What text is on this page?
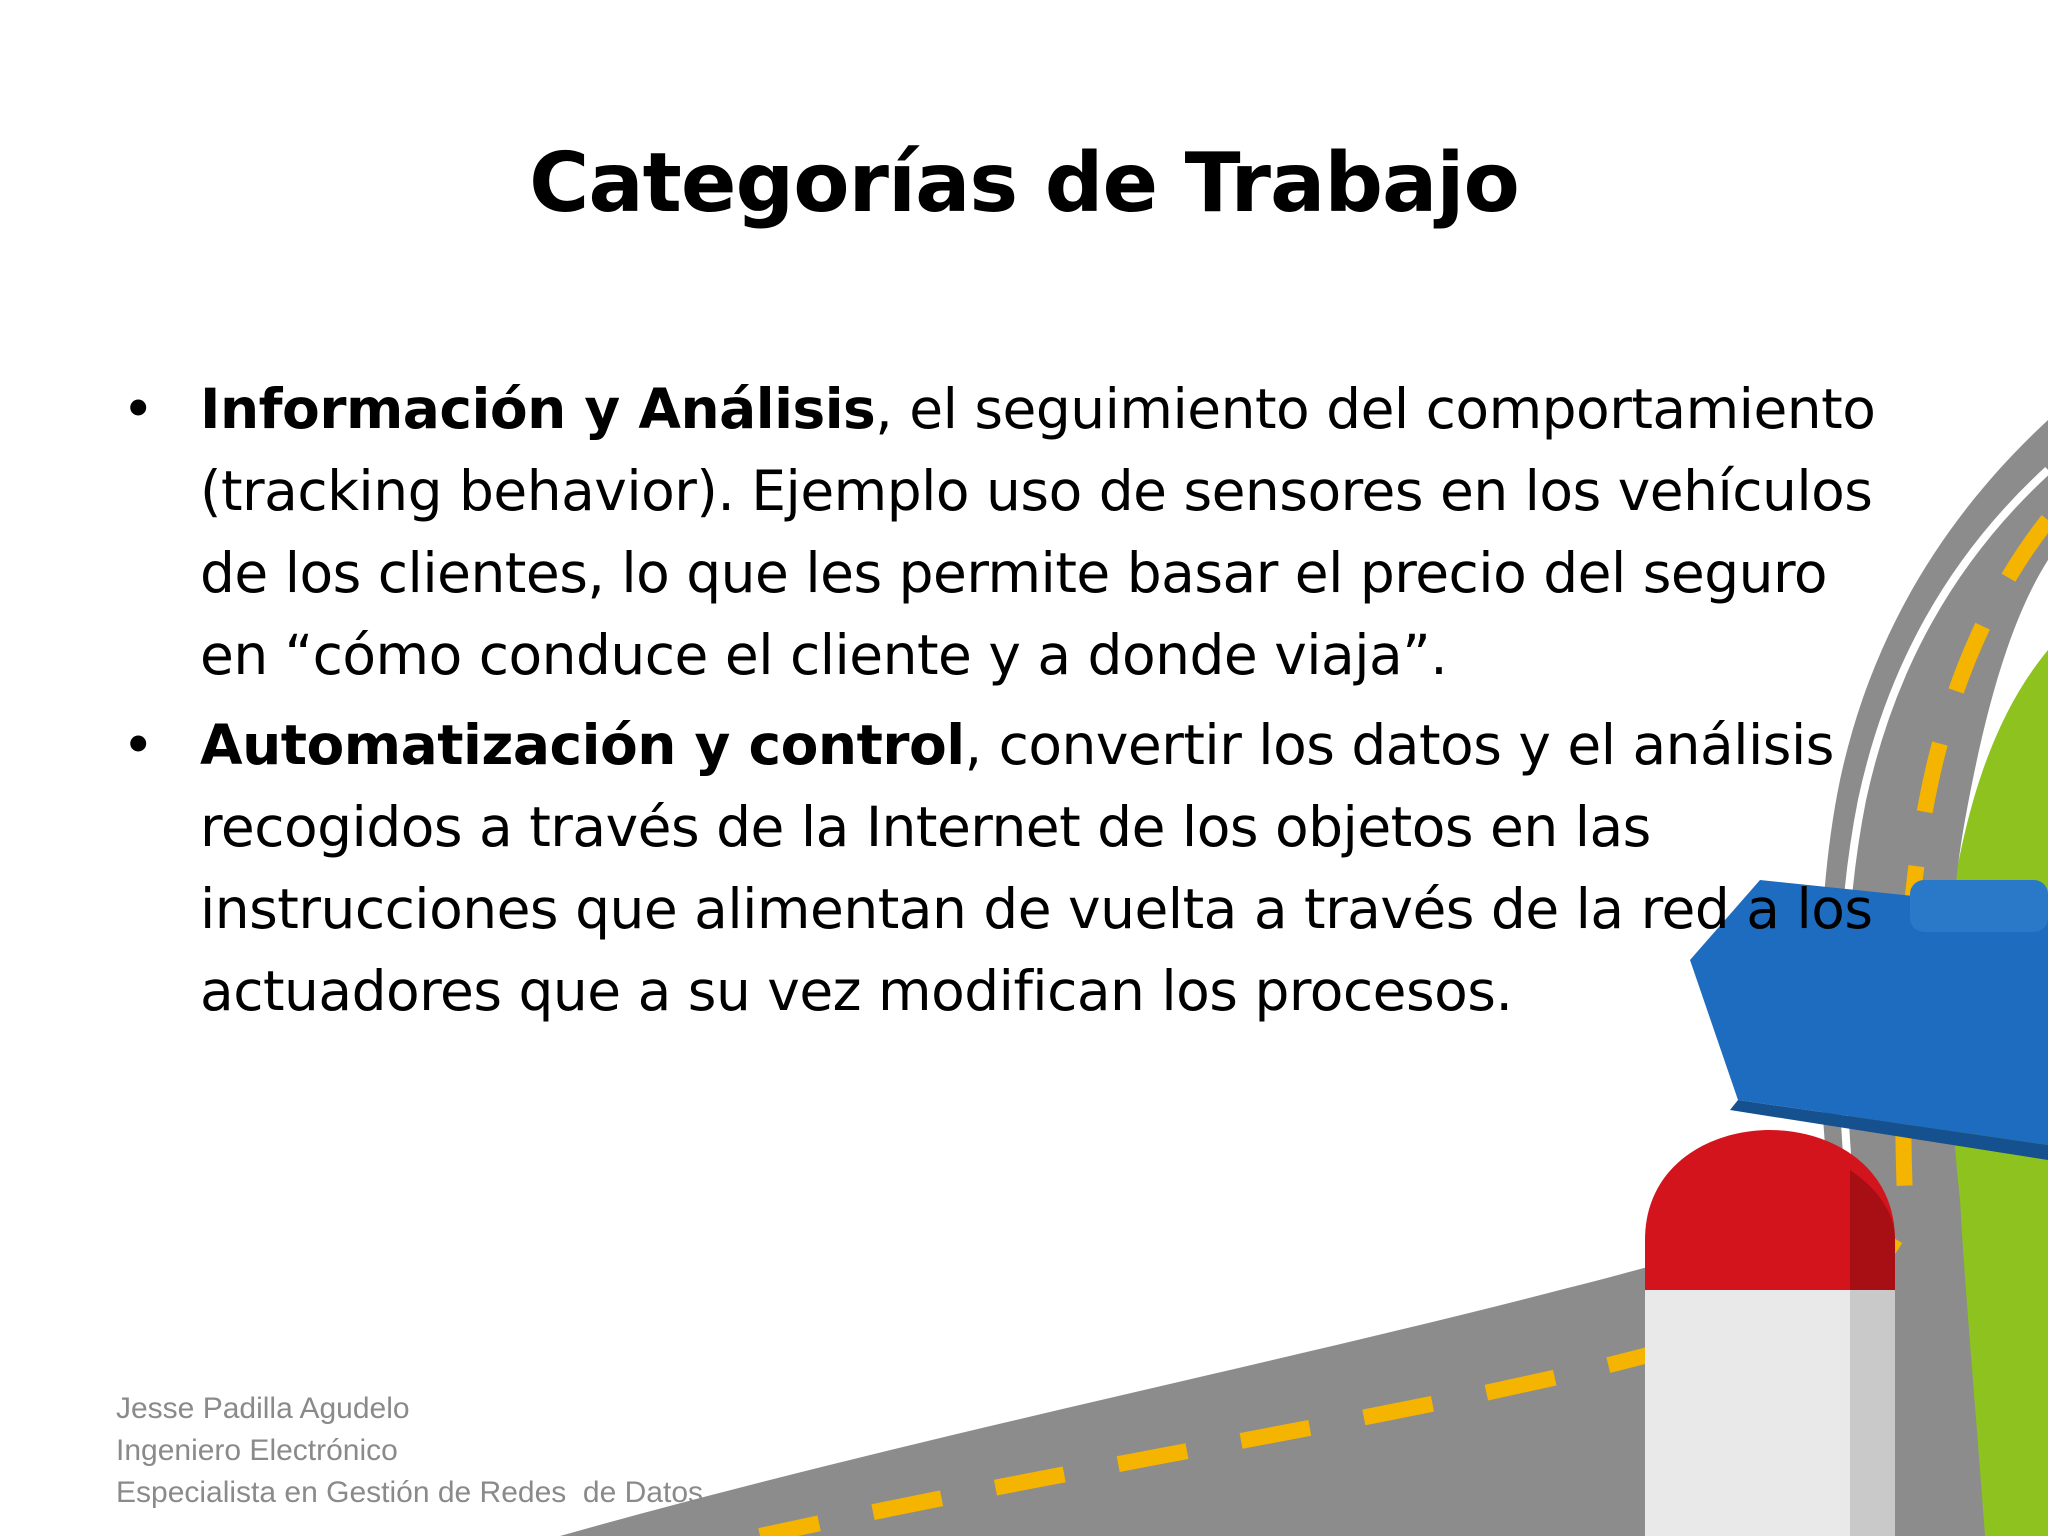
Categorías de Trabajo
• Información y Análisis, el seguimiento del comportamiento (tracking behavior). Ejemplo uso de sensores en los vehículos de los clientes, lo que les permite basar el precio del seguro en “cómo conduce el cliente y a donde viaja”.
• Automatización y control, convertir los datos y el análisis recogidos a través de la Internet de los objetos en las instrucciones que alimentan de vuelta a través de la red a los actuadores que a su vez modifican los procesos.
Jesse Padilla Agudelo
Ingeniero Electrónico
Especialista en Gestión de Redes  de Datos
